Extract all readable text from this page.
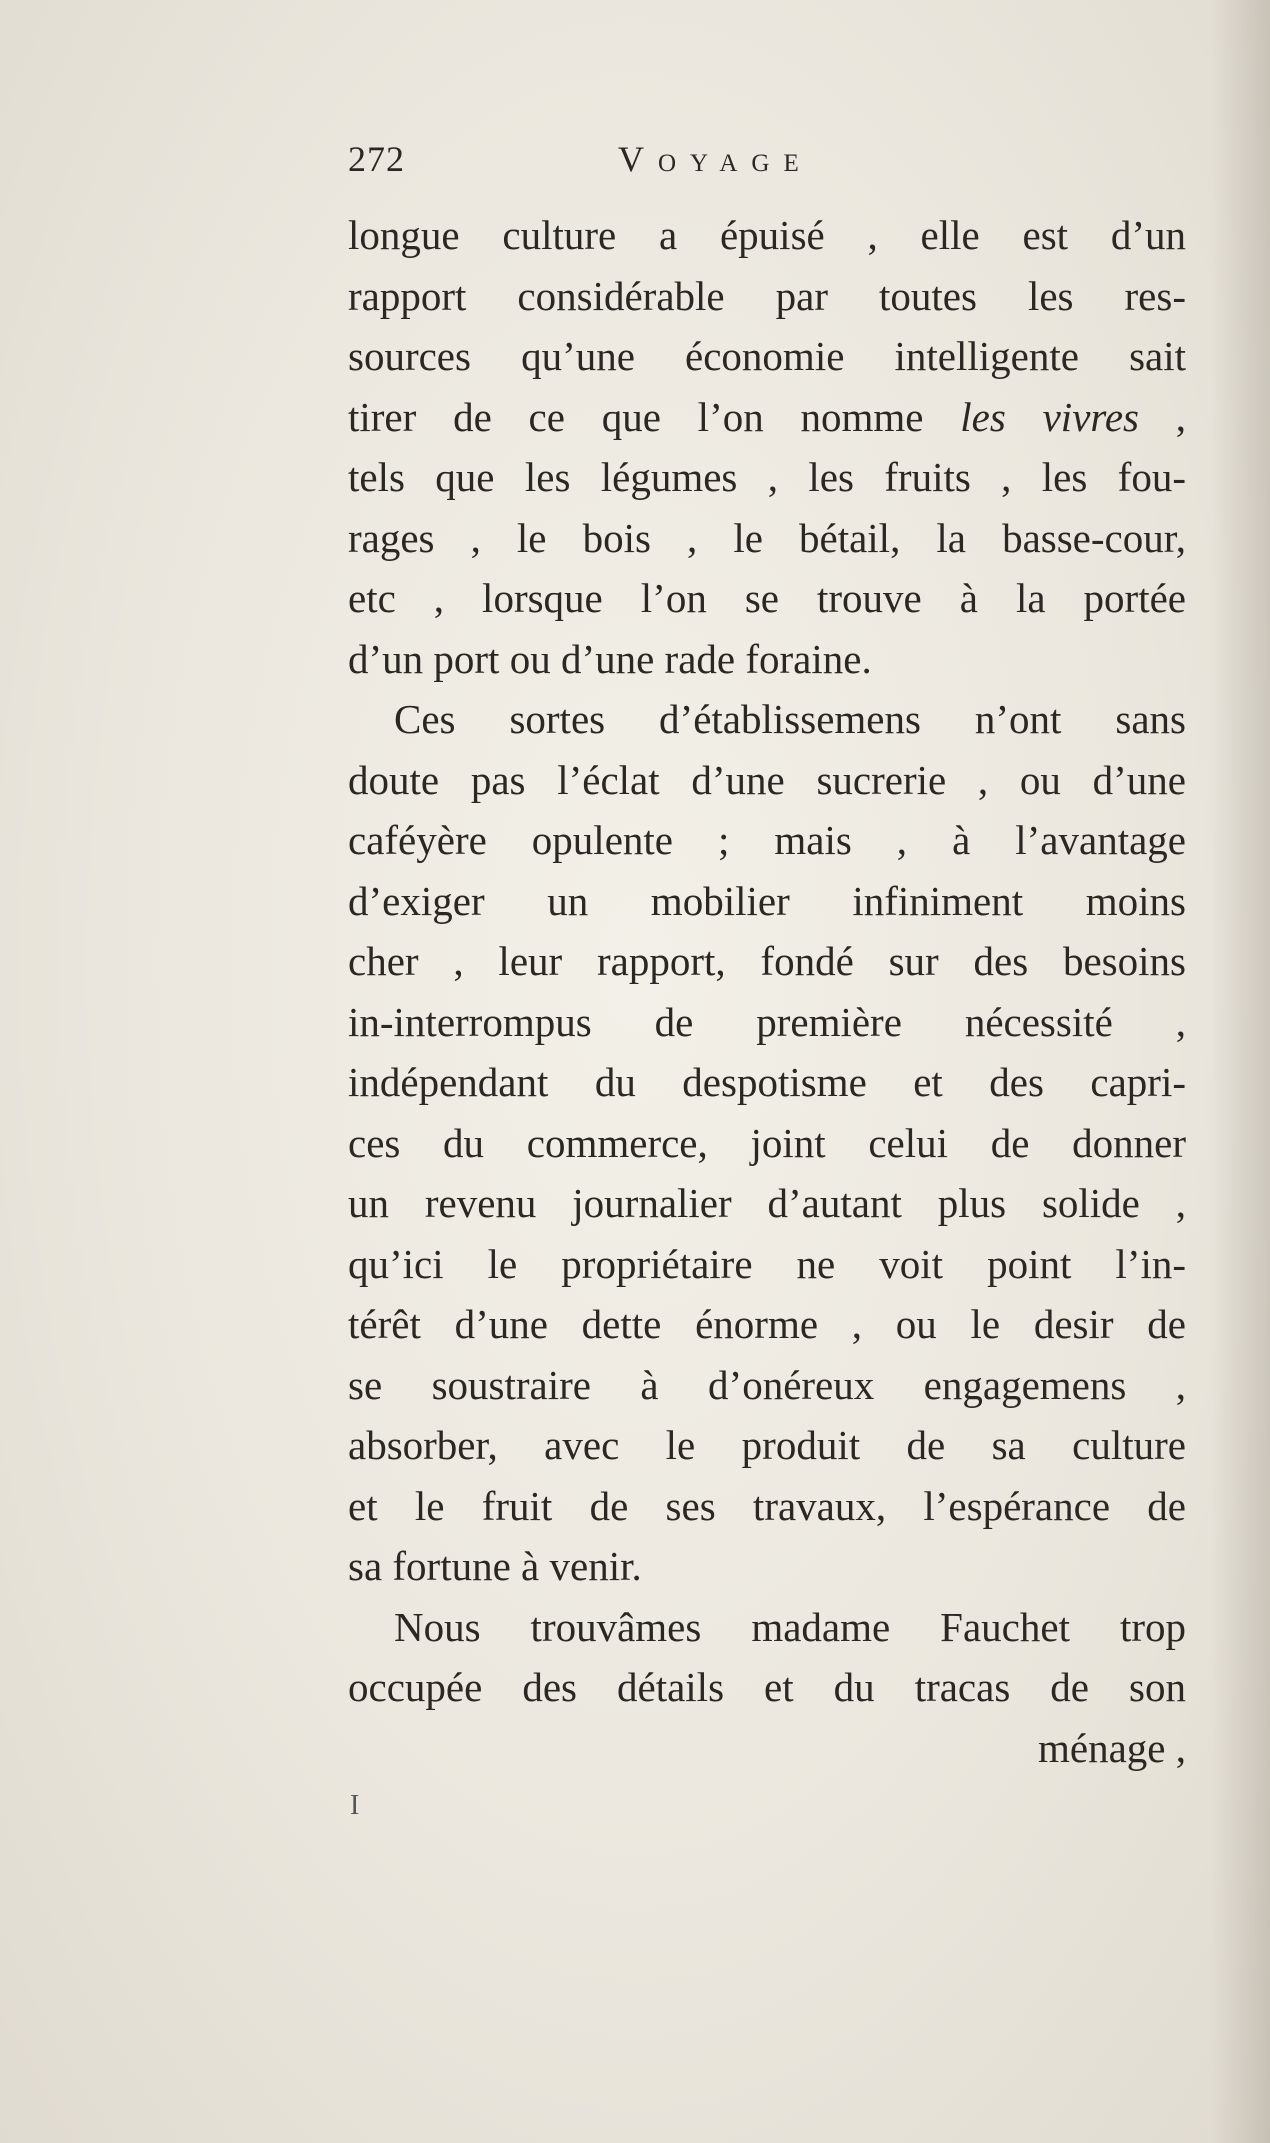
272	Voyage
longue culture a épuisé , elle est d’un
rapport considérable par toutes les res-
sources qu’une économie intelligente sait
tirer de ce que l’on nomme les vivres ,
tels que les légumes , les fruits , les fou-
rages , le bois , le bétail, la basse-cour,
etc , lorsque l’on se trouve à la portée
d’un port ou d’une rade foraine.
Ces sortes d’établissemens n’ont sans
doute pas l’éclat d’une sucrerie , ou d’une
caféyère opulente ; mais , à l’avantage
d’exiger un mobilier infiniment moins
cher , leur rapport, fondé sur des besoins
in-interrompus de première nécessité ,
indépendant du despotisme et des capri-
ces du commerce, joint celui de donner
un revenu journalier d’autant plus solide ,
qu’ici le propriétaire ne voit point l’in-
térêt d’une dette énorme , ou le desir de
se soustraire à d’onéreux engagemens ,
absorber, avec le produit de sa culture
et le fruit de ses travaux, l’espérance de
sa fortune à venir.
Nous trouvâmes madame Fauchet trop
occupée des détails et du tracas de son
ménage ,
I
